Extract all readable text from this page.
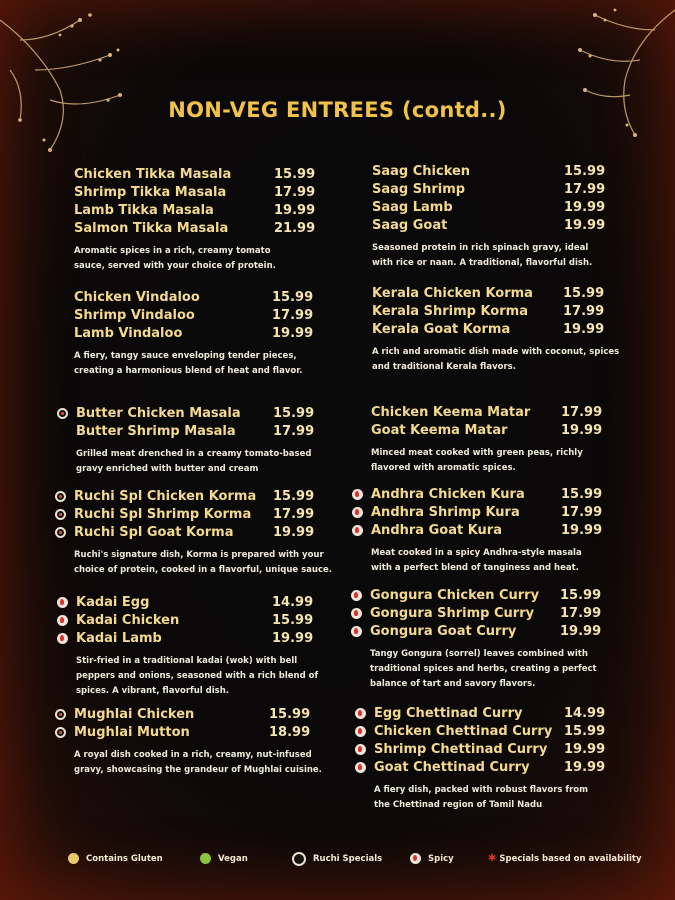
NON-VEG ENTREES (contd..)
Chicken Tikka Masala	15.99
Shrimp Tikka Masala	17.99
Lamb Tikka Masala	19.99
Salmon Tikka Masala	21.99
Aromatic spices in a rich, creamy tomato
sauce, served with your choice of protein.
Chicken Vindaloo	15.99
Shrimp Vindaloo	17.99
Lamb Vindaloo	19.99
A fiery, tangy sauce enveloping tender pieces,
creating a harmonious blend of heat and flavor.
Butter Chicken Masala 15.99
Butter Shrimp Masala	17.99
Grilled meat drenched in a creamy tomato-based
gravy enriched with butter and cream
Ruchi Spl Chicken Korma 15.99
Ruchi Spl Shrimp Korma 17.99
Ruchi Spl Goat Korma	19.99
Ruchi's signature dish, Korma is prepared with your
choice of protein, cooked in a flavorful, unique sauce.
Kadai Egg	14.99
Kadai Chicken	15.99
Kadai Lamb	19.99
Stir-fried in a traditional kadai (wok) with bell
peppers and onions, seasoned with a rich blend of
spices. A vibrant, flavorful dish.
Mughlai Chicken	15.99
Mughlai Mutton	18.99
A royal dish cooked in a rich, creamy, nut-infused
gravy, showcasing the grandeur of Mughlai cuisine.
Saag Chicken	15.99
Saag Shrimp	17.99
Saag Lamb	19.99
Saag Goat	19.99
Seasoned protein in rich spinach gravy, ideal
with rice or naan. A traditional, flavorful dish.
Kerala Chicken Korma 15.99
Kerala Shrimp Korma	17.99
Kerala Goat Korma	19.99
A rich and aromatic dish made with coconut, spices
and traditional Kerala flavors.
Chicken Keema Matar 17.99
Goat Keema Matar	19.99
Minced meat cooked with green peas, richly
flavored with aromatic spices.
Andhra Chicken Kura	15.99
Andhra Shrimp Kura	17.99
Andhra Goat Kura	19.99
Meat cooked in a spicy Andhra-style masala
with a perfect blend of tanginess and heat.
Gongura Chicken Curry 15.99
Gongura Shrimp Curry 17.99
Gongura Goat Curry	19.99
Tangy Gongura (sorrel) leaves combined with
traditional spices and herbs, creating a perfect
balance of tart and savory flavors.
Egg Chettinad Curry	14.99
Chicken Chettinad Curry 15.99
Shrimp Chettinad Curry 19.99
Goat Chettinad Curry	19.99
A fiery dish, packed with robust flavors from
the Chettinad region of Tamil Nadu
Contains Gluten	Vegan	Ruchi Specials	Spicy	✱ Specials based on availability
